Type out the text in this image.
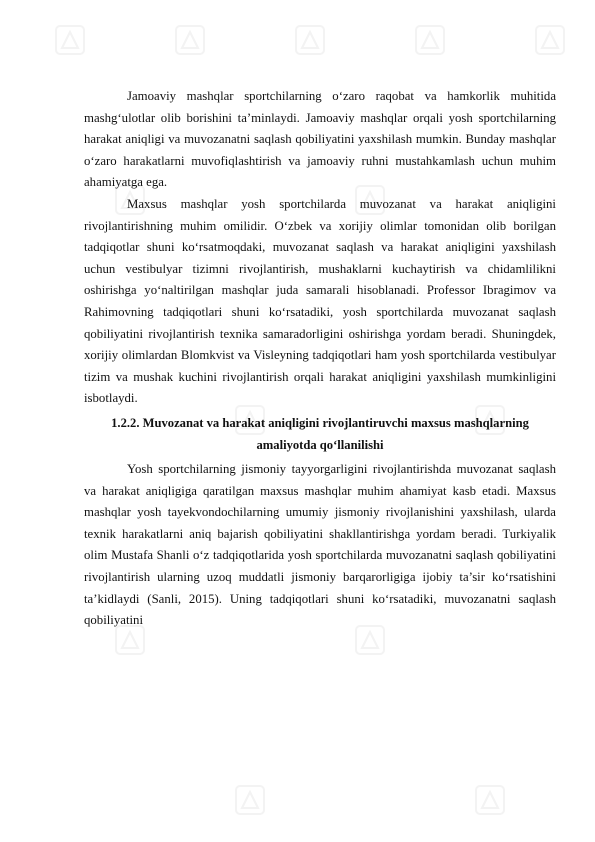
Jamoaviy mashqlar sportchilarning o‘zaro raqobat va hamkorlik muhitida mashg‘ulotlar olib borishini ta’minlaydi. Jamoaviy mashqlar orqali yosh sportchilarning harakat aniqligi va muvozanatni saqlash qobiliyatini yaxshilash mumkin. Bunday mashqlar o‘zaro harakatlarni muvofiqlashtirish va jamoaviy ruhni mustahkamlash uchun muhim ahamiyatga ega.

Maxsus mashqlar yosh sportchilarda muvozanat va harakat aniqligini rivojlantirishning muhim omilidir. O‘zbek va xorijiy olimlar tomonidan olib borilgan tadqiqotlar shuni ko‘rsatmoqdaki, muvozanat saqlash va harakat aniqligini yaxshilash uchun vestibulyar tizimni rivojlantirish, mushaklarni kuchaytirish va chidamlilikni oshirishga yo‘naltirilgan mashqlar juda samarali hisoblanadi. Professor Ibragimov va Rahimovning tadqiqotlari shuni ko‘rsatadiki, yosh sportchilarda muvozanat saqlash qobiliyatini rivojlantirish texnika samaradorligini oshirishga yordam beradi. Shuningdek, xorijiy olimlardan Blomkvist va Visleyning tadqiqotlari ham yosh sportchilarda vestibulyar tizim va mushak kuchini rivojlantirish orqali harakat aniqligini yaxshilash mumkinligini isbotlaydi.

1.2.2. Muvozanat va harakat aniqligini rivojlantiruvchi maxsus mashqlarning amaliyotda qo‘llanilishi

Yosh sportchilarning jismoniy tayyorgarligini rivojlantirishda muvozanat saqlash va harakat aniqligiga qaratilgan maxsus mashqlar muhim ahamiyat kasb etadi. Maxsus mashqlar yosh tayekvondochilarning umumiy jismoniy rivojlanishini yaxshilash, ularda texnik harakatlarni aniq bajarish qobiliyatini shakllantirishga yordam beradi. Turkiyalik olim Mustafa Shanli o‘z tadqiqotlarida yosh sportchilarda muvozanatni saqlash qobiliyatini rivojlantirish ularning uzoq muddatli jismoniy barqarorligiga ijobiy ta’sir ko‘rsatishini ta’kidlaydi (Sanli, 2015). Uning tadqiqotlari shuni ko‘rsatadiki, muvozanatni saqlash qobiliyatini
